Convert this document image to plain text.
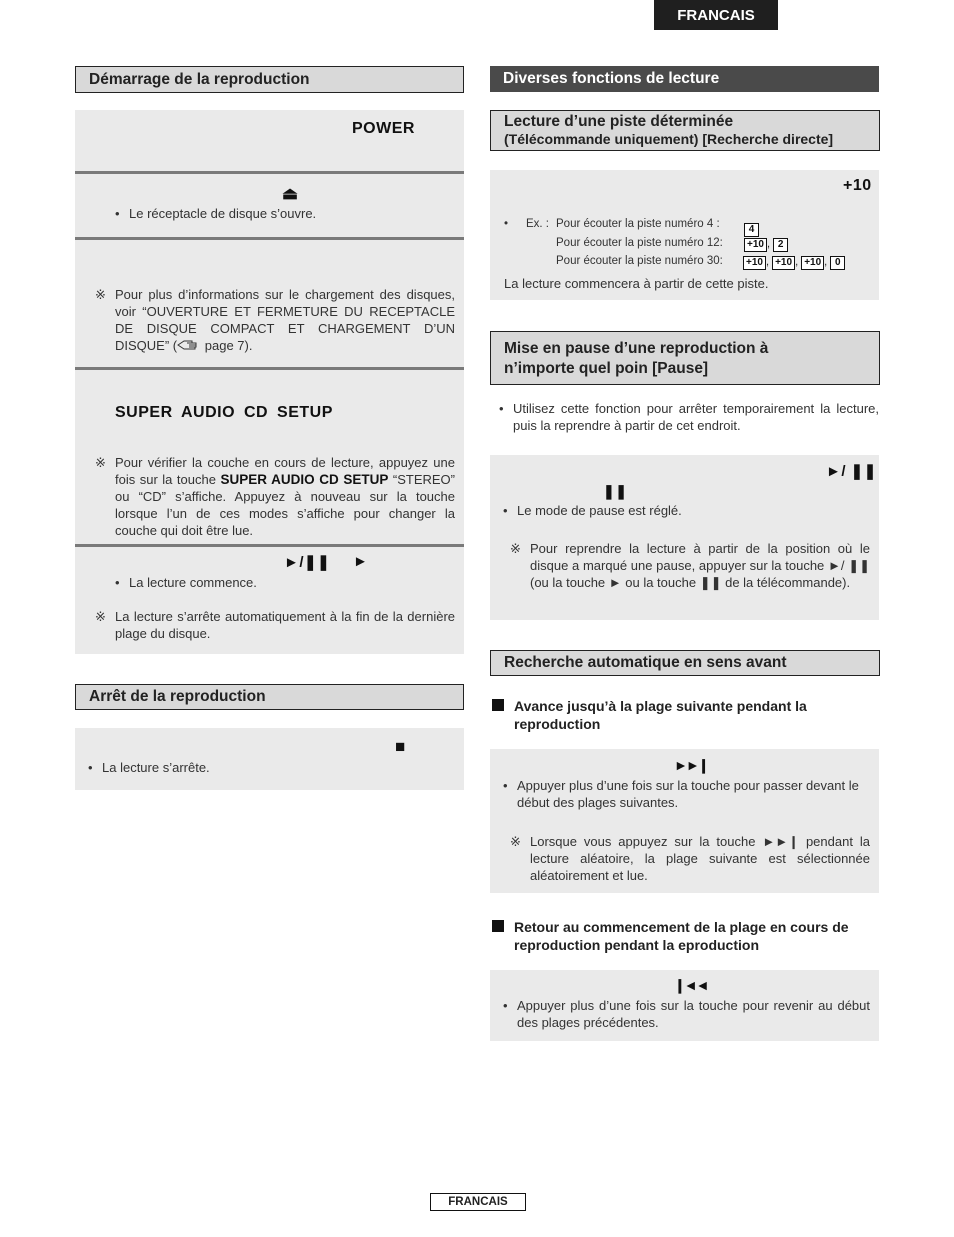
FRANCAIS
Démarrage de la reproduction
POWER
⏏
• Le réceptacle de disque s’ouvre.
※ Pour plus d’informations sur le chargement des disques, voir “OUVERTURE ET FERMETURE DU RECEPTACLE DE DISQUE COMPACT ET CHARGEMENT D’UN DISQUE” ( page 7).
SUPER AUDIO CD SETUP
※ Pour vérifier la couche en cours de lecture, appuyez une fois sur la touche SUPER AUDIO CD SETUP “STEREO” ou “CD” s’affiche. Appuyez à nouveau sur la touche lorsque l’un de ces modes s’affiche pour changer la couche qui doit être lue.
►/❚❚ ►
• La lecture commence.
※ La lecture s’arrête automatiquement à la fin de la dernière plage du disque.
Arrêt de la reproduction
■
• La lecture s’arrête.
Diverses fonctions de lecture
Lecture d’une piste déterminée
(Télécommande uniquement) [Recherche directe]
+10
• Ex. : Pour écouter la piste numéro 4 :	4
Pour écouter la piste numéro 12:	+10 , 2
Pour écouter la piste numéro 30:	+10 , +10 , +10 , 0
La lecture commencera à partir de cette piste.
Mise en pause d’une reproduction à
n’importe quel poin [Pause]
• Utilisez cette fonction pour arrêter temporairement la lecture, puis la reprendre à partir de cet endroit.
►/ ❚❚
❚❚
• Le mode de pause est réglé.
※ Pour reprendre la lecture à partir de la position où le disque a marqué une pause, appuyer sur la touche ►/ ❚❚ (ou la touche ► ou la touche ❚❚ de la télécommande).
Recherche automatique en sens avant
Avance jusqu’à la plage suivante pendant la reproduction
►►❙
• Appuyer plus d’une fois sur la touche pour passer devant le début des plages suivantes.
※ Lorsque vous appuyez sur la touche ►►❙ pendant la lecture aléatoire, la plage suivante est sélectionnée aléatoirement et lue.
Retour au commencement de la plage en cours de reproduction pendant la eproduction
❙◄◄
• Appuyer plus d’une fois sur la touche pour revenir au début des plages précédentes.
FRANCAIS
